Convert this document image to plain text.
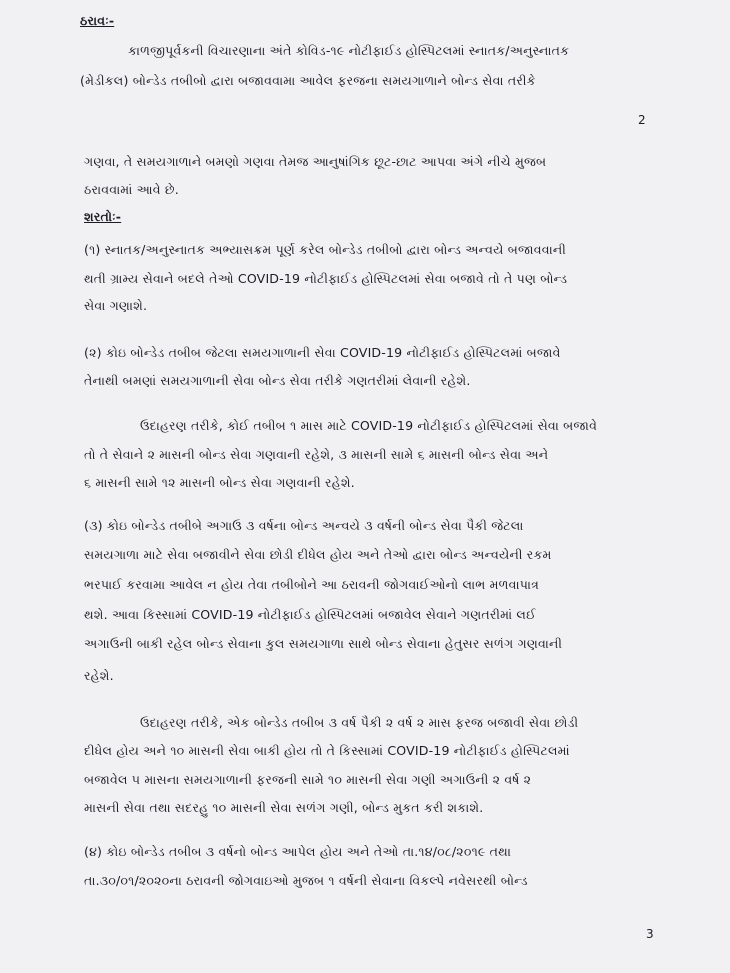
ઠરાવઃ-
કાળજીપૂર્વકની વિચારણાના અંતે કોવિડ-૧૯ નોટીફાઈડ હોસ્પિટલમાં સ્નાતક/અનુસ્નાતક
(મેડીકલ) બોન્ડેડ તબીબો દ્વારા બજાવવામા આવેલ ફરજના સમયગાળાને બોન્ડ સેવા તરીકે
2
ગણવા, તે સમયગાળાને બમણો ગણવા તેમજ આનુષાંગિક છૂટ-છાટ આપવા અંગે નીચે મુજબ
ઠરાવવામાં આવે છે.
શરતોઃ-
(૧) સ્નાતક/અનુસ્નાતક અભ્યાસક્રમ પૂર્ણ કરેલ બોન્ડેડ તબીબો દ્વારા બોન્ડ અન્વયે બજાવવાની
થતી ગ્રામ્ય સેવાને બદલે તેઓ COVID-19 નોટીફાઈડ હોસ્પિટલમાં સેવા બજાવે તો તે પણ બોન્ડ
સેવા ગણાશે.
(૨) કોઇ બોન્ડેડ તબીબ જેટલા સમયગાળાની સેવા COVID-19 નોટીફાઈડ હોસ્પિટલમાં બજાવે
તેનાથી બમણાં સમયગાળાની સેવા બોન્ડ સેવા તરીકે ગણતરીમાં લેવાની રહેશે.
ઉદાહરણ તરીકે, કોઈ તબીબ ૧ માસ માટે COVID-19 નોટીફાઈડ હોસ્પિટલમાં સેવા બજાવે
તો તે સેવાને ૨ માસની બોન્ડ સેવા ગણવાની રહેશે, ૩ માસની સામે ૬ માસની બોન્ડ સેવા અને
૬ માસની સામે ૧૨ માસની બોન્ડ સેવા ગણવાની રહેશે.
(૩) કોઇ બોન્ડેડ તબીબે અગાઉ ૩ વર્ષના બોન્ડ અન્વયે ૩ વર્ષની બોન્ડ સેવા પૈકી જેટલા
સમયગાળા માટે સેવા બજાવીને સેવા છોડી દીધેલ હોય અને તેઓ દ્વારા બોન્ડ અન્વયેની રકમ
ભરપાઈ કરવામા આવેલ ન હોય તેવા તબીબોને આ ઠરાવની જોગવાઈઓનો લાભ મળવાપાત્ર
થશે. આવા કિસ્સામાં COVID-19 નોટીફાઈડ હોસ્પિટલમાં બજાવેલ સેવાને ગણતરીમાં લઈ
અગાઉની બાકી રહેલ બોન્ડ સેવાના કુલ સમયગાળા સાથે બોન્ડ સેવાના હેતુસર સળંગ ગણવાની
રહેશે.
ઉદાહરણ તરીકે, એક બોન્ડેડ તબીબ ૩ વર્ષ પૈકી ૨ વર્ષ ૨ માસ ફરજ બજાવી સેવા છોડી
દીધેલ હોય અને ૧૦ માસની સેવા બાકી હોય તો તે કિસ્સામાં COVID-19 નોટીફાઈડ હોસ્પિટલમાં
બજાવેલ ૫ માસના સમયગાળાની ફરજની સામે ૧૦ માસની સેવા ગણી અગાઉની ૨ વર્ષ ૨
માસની સેવા તથા સદરહુ ૧૦ માસની સેવા સળંગ ગણી, બોન્ડ મુકત કરી શકાશે.
(૪) કોઇ બોન્ડેડ તબીબ ૩ વર્ષનો બોન્ડ આપેલ હોય અને તેઓ તા.૧૪/૦૮/૨૦૧૯ તથા
તા.૩૦/૦૧/૨૦૨૦ના ઠરાવની જોગવાઇઓ મુજબ ૧ વર્ષની સેવાના વિકલ્પે નવેસરથી બોન્ડ
3
